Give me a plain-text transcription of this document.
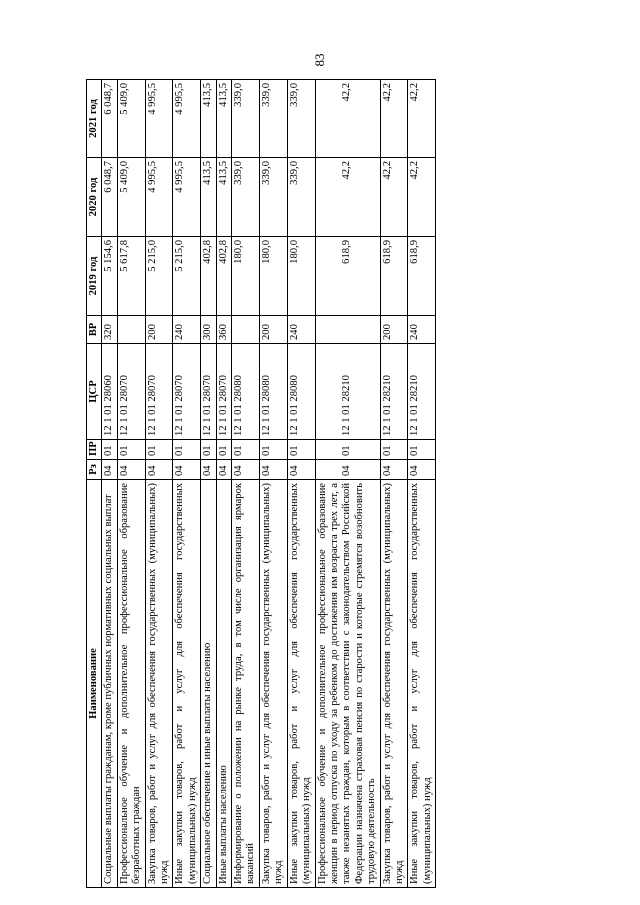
83
Наименование	Рз	ПР	ЦСР	ВР	2019 год	2020 год	2021 год
Социальные выплаты гражданам, кроме публичных нормативных социальных выплат	04	01	12 1 01 28060	320	5 154,6	6 048,7	6 048,7
Профессиональное обучение и дополнительное профессиональное образование безработных граждан	04	01	12 1 01 28070		5 617,8	5 409,0	5 409,0
Закупка товаров, работ и услуг для обеспечения государственных (муниципальных) нужд	04	01	12 1 01 28070	200	5 215,0	4 995,5	4 995,5
Иные закупки товаров, работ и услуг для обеспечения государственных (муниципальных) нужд	04	01	12 1 01 28070	240	5 215,0	4 995,5	4 995,5
Социальное обеспечение и иные выплаты населению	04	01	12 1 01 28070	300	402,8	413,5	413,5
Иные выплаты населению	04	01	12 1 01 28070	360	402,8	413,5	413,5
Информирование о положении на рынке труда, в том числе организация ярмарок вакансий	04	01	12 1 01 28080		180,0	339,0	339,0
Закупка товаров, работ и услуг для обеспечения государственных (муниципальных) нужд	04	01	12 1 01 28080	200	180,0	339,0	339,0
Иные закупки товаров, работ и услуг для обеспечения государственных (муниципальных) нужд	04	01	12 1 01 28080	240	180,0	339,0	339,0
Профессиональное обучение и дополнительное профессиональное образование женщин в период отпуска по уходу за ребенком до достижения им возраста трех лет, а также незанятых граждан, которым в соответствии с законодательством Российской Федерации назначена страховая пенсия по старости и которые стремятся возобновить трудовую деятельность	04	01	12 1 01 28210		618,9	42,2	42,2
Закупка товаров, работ и услуг для обеспечения государственных (муниципальных) нужд	04	01	12 1 01 28210	200	618,9	42,2	42,2
Иные закупки товаров, работ и услуг для обеспечения государственных (муниципальных) нужд	04	01	12 1 01 28210	240	618,9	42,2	42,2
